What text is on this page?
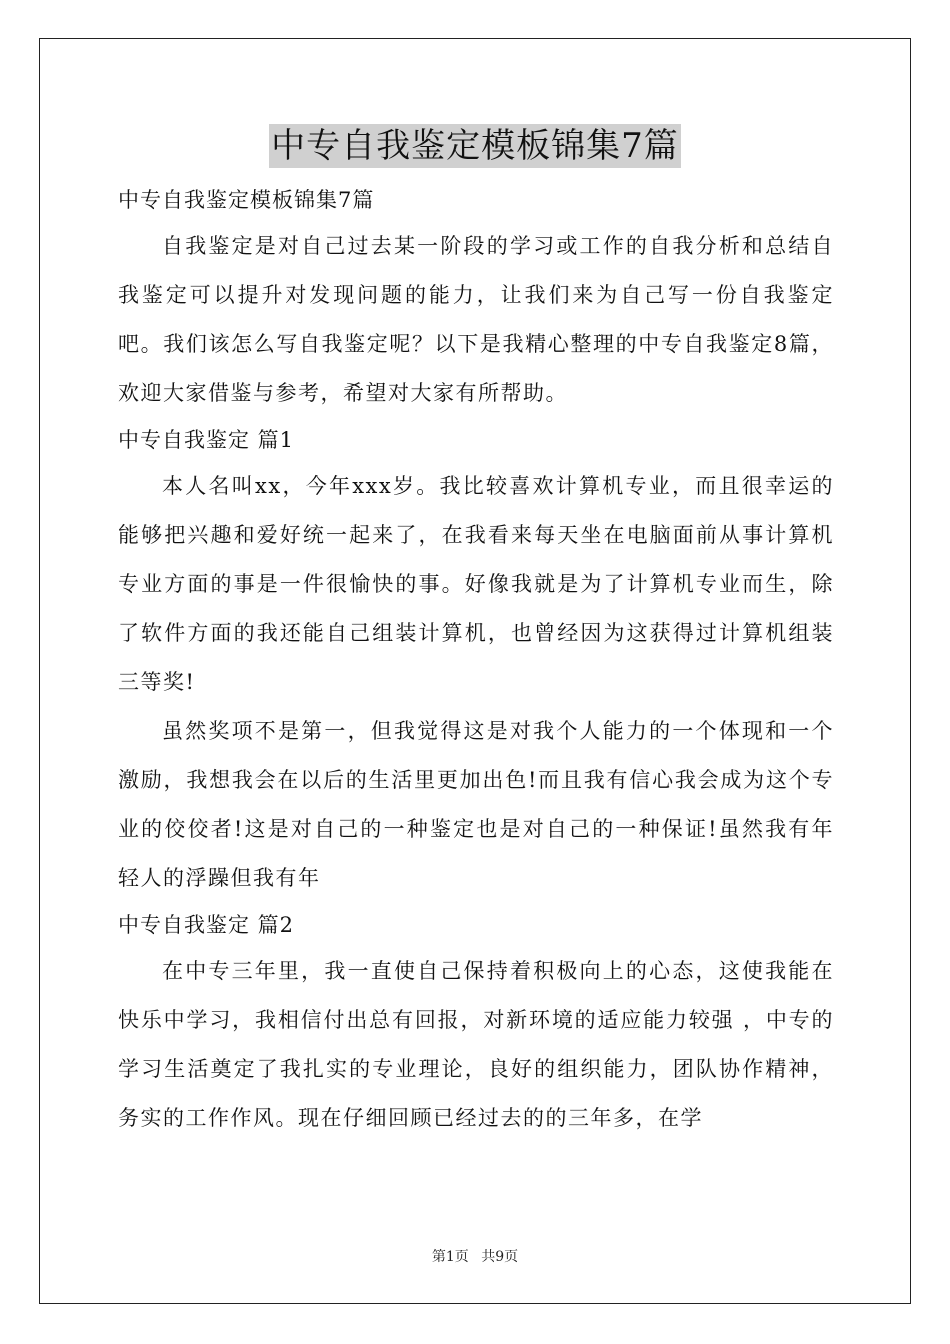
中专自我鉴定模板锦集7篇

中专自我鉴定模板锦集7篇

自我鉴定是对自己过去某一阶段的学习或工作的自我分析和总结自我鉴定可以提升对发现问题的能力，让我们来为自己写一份自我鉴定吧。我们该怎么写自我鉴定呢？以下是我精心整理的中专自我鉴定8篇，欢迎大家借鉴与参考，希望对大家有所帮助。

中专自我鉴定 篇1

本人名叫xx，今年xxx岁。我比较喜欢计算机专业，而且很幸运的能够把兴趣和爱好统一起来了，在我看来每天坐在电脑面前从事计算机专业方面的事是一件很愉快的事。好像我就是为了计算机专业而生，除了软件方面的我还能自己组装计算机，也曾经因为这获得过计算机组装三等奖!

虽然奖项不是第一，但我觉得这是对我个人能力的一个体现和一个激励，我想我会在以后的生活里更加出色!而且我有信心我会成为这个专业的佼佼者!这是对自己的一种鉴定也是对自己的一种保证!虽然我有年轻人的浮躁但我有年

中专自我鉴定 篇2

在中专三年里，我一直使自己保持着积极向上的心态，这使我能在快乐中学习，我相信付出总有回报，对新环境的适应能力较强 ，中专的学习生活奠定了我扎实的专业理论，良好的组织能力，团队协作精神，务实的工作作风。现在仔细回顾已经过去的的三年多，在学

第1页 共9页
